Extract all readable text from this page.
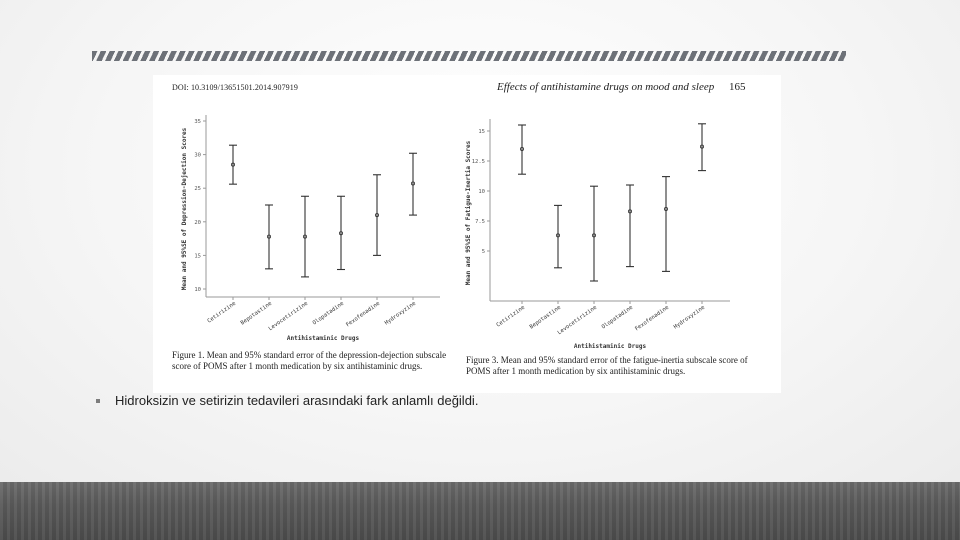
DOI: 10.3109/13651501.2014.907919	Effects of antihistamine drugs on mood and sleep 165
35
30
25
20
15
10
Mean and 95%SE of Depression-Dejection Scores
Cetirizine Bepotastine
Levocetirizine Olopatadine Fexofenadine Hydroxyzine
Antihistaminic Drugs
15
12.5
10
7.5
5
Mean and 95%SE of Fatigue-Inertia Scores
Cetirizine Bepotastine
Levocetirizine Olopatadine Fexofenadine Hydroxyzine
Antihistaminic Drugs
Figure 1. Mean and 95% standard error of the depression-dejection subscale score of POMS after 1 month medication by six antihistaminic drugs.
Figure 3. Mean and 95% standard error of the fatigue-inertia subscale score of POMS after 1 month medication by six antihistaminic drugs.
Hidroksizin ve setirizin tedavileri arasındaki fark anlamlı değildi.
